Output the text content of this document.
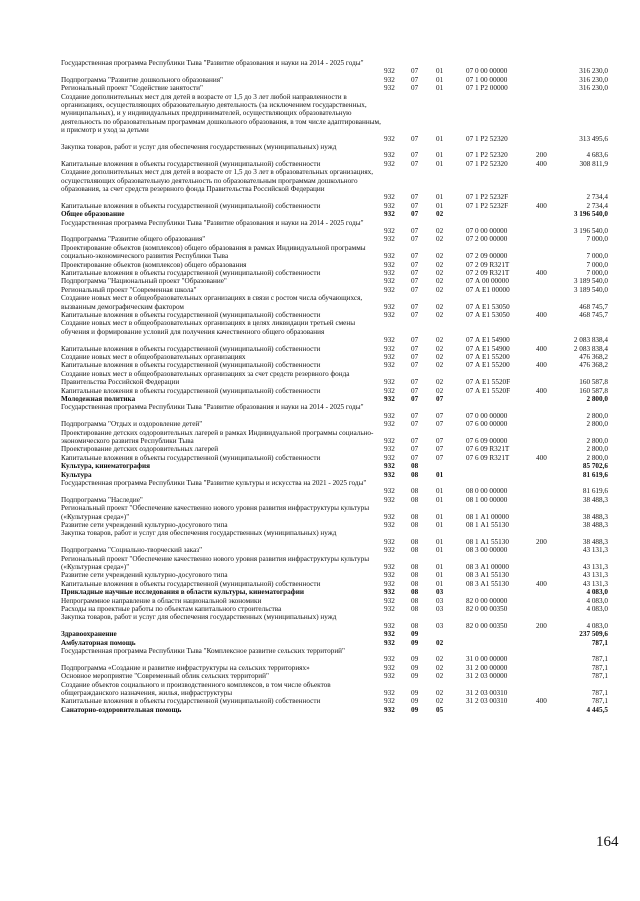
Государственная программа Республики Тыва "Развитие образования и науки на 2014 - 2025 годы"
932 07 01	07 0 00 00000	316 230,0
Подпрограмма "Развитие дошкольного образования"	932 07 01	07 1 00 00000	316 230,0
Региональный проект "Содействие занятости"	932 07 01	07 1 P2 00000	316 230,0
Создание дополнительных мест для детей в возрасте от 1,5 до 3 лет любой направленности в организациях, осуществляющих образовательную деятельность (за исключением государственных, муниципальных), и у индивидуальных предпринимателей, осуществляющих образовательную деятельность по образовательным программам дошкольного образования, в том числе адаптированным, и присмотр и уход за детьми
932 07 01	07 1 P2 52320	313 495,6
Закупка товаров, работ и услуг для обеспечения государственных (муниципальных) нужд
932 07 01	07 1 P2 52320	200	4 683,6
Капитальные вложения в объекты государственной (муниципальной) собственности	932 07 01	07 1 P2 52320	400	308 811,9
Создание дополнительных мест для детей в возрасте от 1,5 до 3 лет в образовательных организациях, осуществляющих образовательную деятельность по образовательным программам дошкольного образования, за счет средств резервного фонда Правительства Российской Федерации
932 07 01	07 1 P2 5232F	2 734,4
Капитальные вложения в объекты государственной (муниципальной) собственности	932 07 01	07 1 P2 5232F	400	2 734,4
Общее образование	932 07 02	3 196 540,0
Государственная программа Республики Тыва "Развитие образования и науки на 2014 - 2025 годы"
932 07 02	07 0 00 00000	3 196 540,0
Подпрограмма "Развитие общего образования"	932 07 02	07 2 00 00000	7 000,0
Проектирование объектов (комплексов) общего образования в рамках Индивидуальной программы социально-экономического развития Республики Тыва	932 07 02	07 2 09 00000	7 000,0
Проектирование объектов (комплексов) общего образования	932 07 02	07 2 09 R321T	7 000,0
Капитальные вложения в объекты государственной (муниципальной) собственности	932 07 02	07 2 09 R321T	400	7 000,0
Подпрограмма "Национальный проект "Образование"	932 07 02	07 А 00 00000	3 189 540,0
Региональный проект "Современная школа"	932 07 02	07 А Е1 00000	3 189 540,0
Создание новых мест в общеобразовательных организациях в связи с ростом числа обучающихся, вызванным демографическим фактором	932 07 02	07 А Е1 53050	468 745,7
Капитальные вложения в объекты государственной (муниципальной) собственности	932 07 02	07 А Е1 53050	400	468 745,7
Создание новых мест в общеобразовательных организациях в целях ликвидации третьей смены обучения и формирование условий для получения качественного общего образования
932 07 02	07 А Е1 54900	2 083 838,4
Капитальные вложения в объекты государственной (муниципальной) собственности	932 07 02	07 А Е1 54900	400	2 083 838,4
Создание новых мест в общеобразовательных организациях	932 07 02	07 А Е1 55200	476 368,2
Капитальные вложения в объекты государственной (муниципальной) собственности	932 07 02	07 А Е1 55200	400	476 368,2
Создание новых мест в общеобразовательных организациях за счет средств резервного фонда Правительства Российской Федерации	932 07 02	07 А Е1 5520F	160 587,8
Капитальные вложения в объекты государственной (муниципальной) собственности	932 07 02	07 А Е1 5520F	400	160 587,8
Молодежная политика	932 07 07	2 800,0
Государственная программа Республики Тыва "Развитие образования и науки на 2014 - 2025 годы"
932 07 07	07 0 00 00000	2 800,0
Подпрограмма "Отдых и оздоровление детей"	932 07 07	07 6 00 00000	2 800,0
Проектирование детских оздоровительных лагерей в рамках Индивидуальной программы социально-экономического развития Республики Тыва	932 07 07	07 6 09 00000	2 800,0
Проектирование детских оздоровительных лагерей	932 07 07	07 6 09 R321T	2 800,0
Капитальные вложения в объекты государственной (муниципальной) собственности	932 07 07	07 6 09 R321T	400	2 800,0
Культура, кинематография	932 08	85 702,6
Культура	932 08 01	81 619,6
Государственная программа Республики Тыва "Развитие культуры и искусства на 2021 - 2025 годы"
932 08 01	08 0 00 00000	81 619,6
Подпрограмма "Наследие"	932 08 01	08 1 00 00000	38 488,3
Региональный проект "Обеспечение качественно нового уровня развития инфраструктуры культуры («Культурная среда»)"	932 08 01	08 1 А1 00000	38 488,3
Развитие сети учреждений культурно-досугового типа	932 08 01	08 1 А1 55130	38 488,3
Закупка товаров, работ и услуг для обеспечения государственных (муниципальных) нужд
932 08 01	08 1 А1 55130	200	38 488,3
Подпрограмма "Социально-творческий заказ"	932 08 01	08 3 00 00000	43 131,3
Региональный проект "Обеспечение качественно нового уровня развития инфраструктуры культуры («Культурная среда»)"	932 08 01	08 3 А1 00000	43 131,3
Развитие сети учреждений культурно-досугового типа	932 08 01	08 3 А1 55130	43 131,3
Капитальные вложения в объекты государственной (муниципальной) собственности	932 08 01	08 3 А1 55130	400	43 131,3
Прикладные научные исследования в области культуры, кинематографии	932 08 03	4 083,0
Непрограммное направление в области национальной экономики	932 08 03	82 0 00 00000	4 083,0
Расходы на проектные работы по объектам капитального строительства	932 08 03	82 0 00 00350	4 083,0
Закупка товаров, работ и услуг для обеспечения государственных (муниципальных) нужд
932 08 03	82 0 00 00350	200	4 083,0
Здравоохранение	932 09	237 509,6
Амбулаторная помощь	932 09 02	787,1
Государственная программа Республики Тыва "Комплексное развитие сельских территорий"
932 09 02	31 0 00 00000	787,1
Подпрограмма «Создание и развитие инфраструктуры на сельских территориях»	932 09 02	31 2 00 00000	787,1
Основное мероприятие "Современный облик сельских территорий"	932 09 02	31 2 03 00000	787,1
Создание объектов социального и производственного комплексов, в том числе объектов общегражданского назначения, жилья, инфраструктуры	932 09 02	31 2 03 00310	787,1
Капитальные вложения в объекты государственной (муниципальной) собственности	932 09 02	31 2 03 00310	400	787,1
Санаторно-оздоровительная помощь	932 09 05	4 445,5
164
